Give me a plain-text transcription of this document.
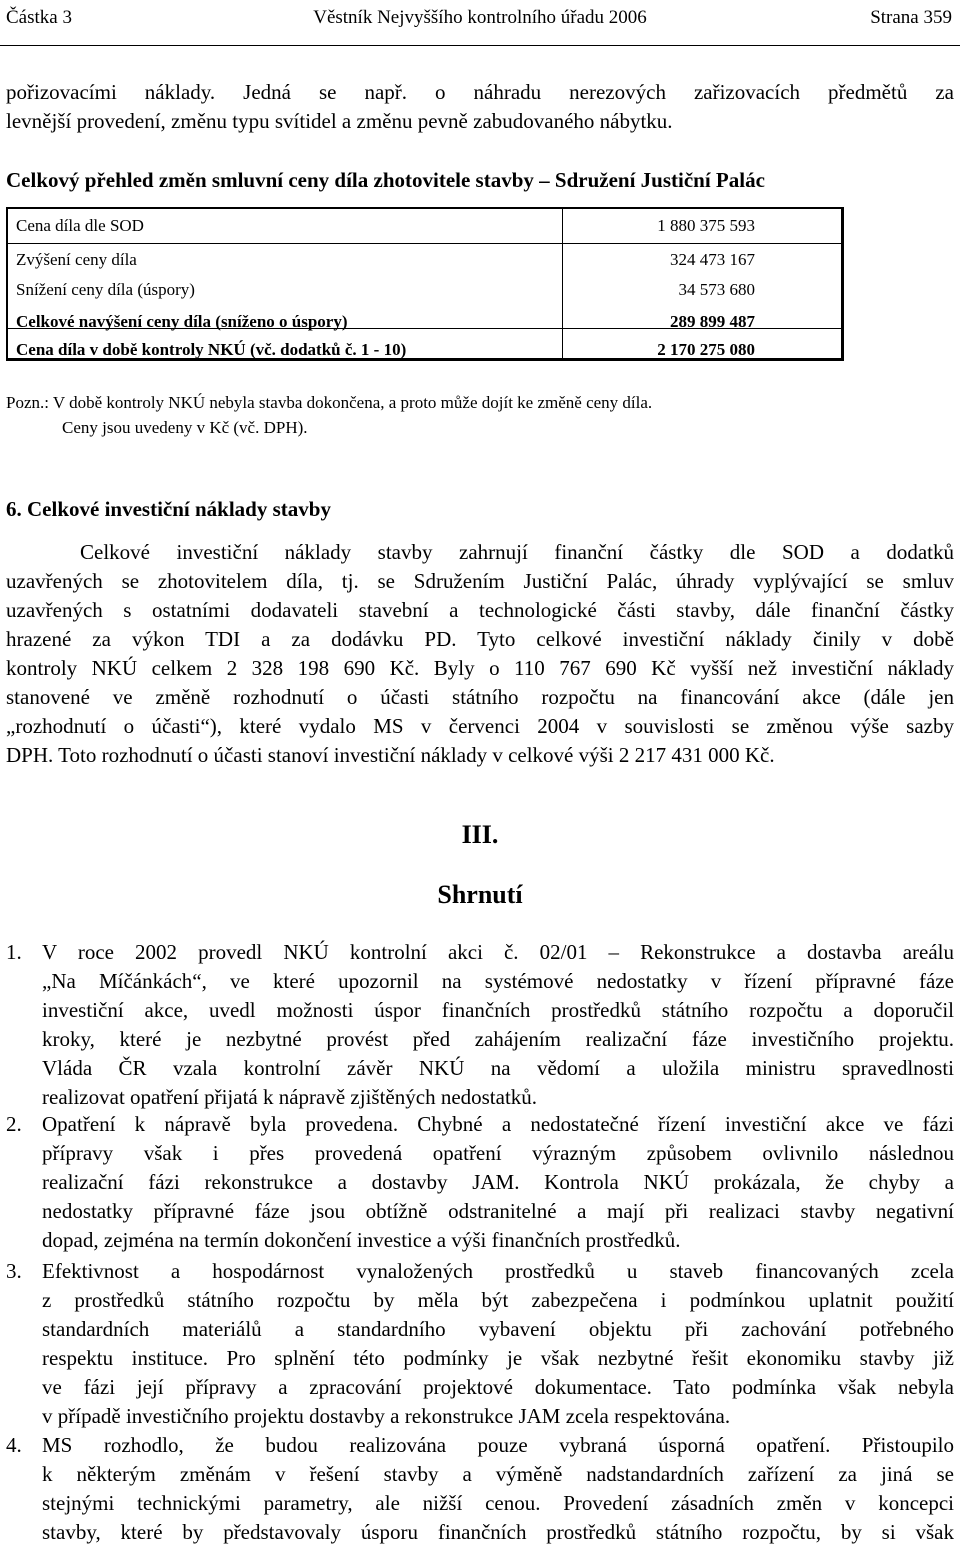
Částka 3	Věstník Nejvyššího kontrolního úřadu 2006	Strana 359
pořizovacími náklady. Jedná se např. o náhradu nerezových zařizovacích předmětů za
levnější provedení, změnu typu svítidel a změnu pevně zabudovaného nábytku.
Celkový přehled změn smluvní ceny díla zhotovitele stavby ‒ Sdružení Justiční Palác
Cena díla dle SOD	1 880 375 593
Zvýšení ceny díla	324 473 167
Snížení ceny díla (úspory)	34 573 680
Celkové navýšení ceny díla (sníženo o úspory)	289 899 487
Cena díla v době kontroly NKÚ (vč. dodatků č. 1 - 10)	2 170 275 080
Pozn.: V době kontroly NKÚ nebyla stavba dokončena, a proto může dojít ke změně ceny díla.
Ceny jsou uvedeny v Kč (vč. DPH).
6. Celkové investiční náklady stavby
Celkové investiční náklady stavby zahrnují finanční částky dle SOD a dodatků
uzavřených se zhotovitelem díla, tj. se Sdružením Justiční Palác, úhrady vyplývající se smluv
uzavřených s ostatními dodavateli stavební a technologické části stavby, dále finanční částky
hrazené za výkon TDI a za dodávku PD. Tyto celkové investiční náklady činily v době
kontroly NKÚ celkem 2 328 198 690 Kč. Byly o 110 767 690 Kč vyšší než investiční náklady
stanovené ve změně rozhodnutí o účasti státního rozpočtu na financování akce (dále jen
„rozhodnutí o účasti“), které vydalo MS v červenci 2004 v souvislosti se změnou výše sazby
DPH. Toto rozhodnutí o účasti stanoví investiční náklady v celkové výši 2 217 431 000 Kč.
III.
Shrnutí
1. V roce 2002 provedl NKÚ kontrolní akci č. 02/01 ‒ Rekonstrukce a dostavba areálu
„Na Míčánkách“, ve které upozornil na systémové nedostatky v řízení přípravné fáze
investiční akce, uvedl možnosti úspor finančních prostředků státního rozpočtu a doporučil
kroky, které je nezbytné provést před zahájením realizační fáze investičního projektu.
Vláda ČR vzala kontrolní závěr NKÚ na vědomí a uložila ministru spravedlnosti
realizovat opatření přijatá k nápravě zjištěných nedostatků.
2. Opatření k nápravě byla provedena. Chybné a nedostatečné řízení investiční akce ve fázi
přípravy však i přes provedená opatření výrazným způsobem ovlivnilo následnou
realizační fázi rekonstrukce a dostavby JAM. Kontrola NKÚ prokázala, že chyby a
nedostatky přípravné fáze jsou obtížně odstranitelné a mají při realizaci stavby negativní
dopad, zejména na termín dokončení investice a výši finančních prostředků.
3. Efektivnost a hospodárnost vynaložených prostředků u staveb financovaných zcela
z prostředků státního rozpočtu by měla být zabezpečena i podmínkou uplatnit použití
standardních materiálů a standardního vybavení objektu při zachování potřebného
respektu instituce. Pro splnění této podmínky je však nezbytné řešit ekonomiku stavby již
ve fázi její přípravy a zpracování projektové dokumentace. Tato podmínka však nebyla
v případě investičního projektu dostavby a rekonstrukce JAM zcela respektována.
4. MS rozhodlo, že budou realizována pouze vybraná úsporná opatření. Přistoupilo
k některým změnám v řešení stavby a výměně nadstandardních zařízení za jiná se
stejnými technickými parametry, ale nižší cenou. Provedení zásadních změn v koncepci
stavby, které by představovaly úsporu finančních prostředků státního rozpočtu, by si však
